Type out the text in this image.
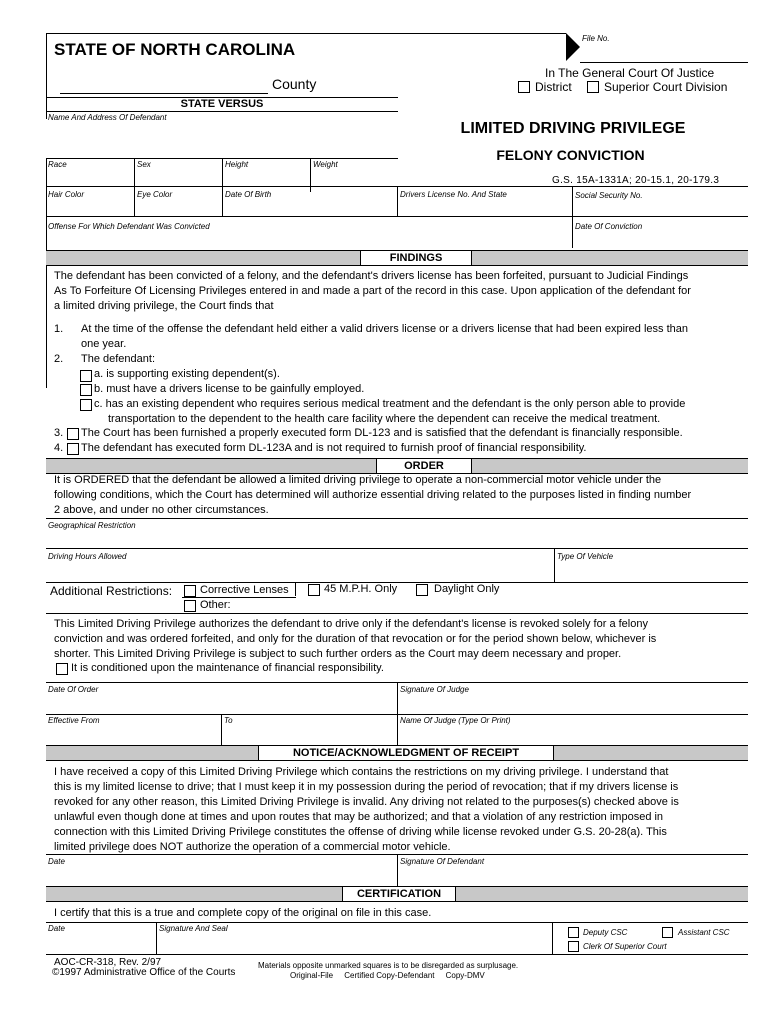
STATE OF NORTH CAROLINA
File No.
County
In The General Court Of Justice
District	Superior Court Division
STATE VERSUS
Name And Address Of Defendant
LIMITED DRIVING PRIVILEGE
FELONY CONVICTION
G.S. 15A-1331A; 20-15.1, 20-179.3
Race	Sex	Height	Weight
Hair Color	Eye Color	Date Of Birth	Drivers License No. And State	Social Security No.
Offense For Which Defendant Was Convicted	Date Of Conviction
FINDINGS
The defendant has been convicted of a felony, and the defendant's drivers license has been forfeited, pursuant to Judicial Findings
As To Forfeiture Of Licensing Privileges entered in and made a part of the record in this case. Upon application of the defendant for
a limited driving privilege, the Court finds that
1. At the time of the offense the defendant held either a valid drivers license or a drivers license that had been expired less than
one year.
2. The defendant:
a. is supporting existing dependent(s).
b. must have a drivers license to be gainfully employed.
c. has an existing dependent who requires serious medical treatment and the defendant is the only person able to provide
transportation to the dependent to the health care facility where the dependent can receive the medical treatment.
3. The Court has been furnished a properly executed form DL-123 and is satisfied that the defendant is financially responsible.
4. The defendant has executed form DL-123A and is not required to furnish proof of financial responsibility.
ORDER
It is ORDERED that the defendant be allowed a limited driving privilege to operate a non-commercial motor vehicle under the
following conditions, which the Court has determined will authorize essential driving related to the purposes listed in finding number
2 above, and under no other circumstances.
Geographical Restriction
Driving Hours Allowed	Type Of Vehicle
Additional Restrictions:	Corrective Lenses	45 M.P.H. Only	Daylight Only
Other:
This Limited Driving Privilege authorizes the defendant to drive only if the defendant's license is revoked solely for a felony
conviction and was ordered forfeited, and only for the duration of that revocation or for the period shown below, whichever is
shorter. This Limited Driving Privilege is subject to such further orders as the Court may deem necessary and proper.
It is conditioned upon the maintenance of financial responsibility.
Date Of Order	Signature Of Judge
Effective From	To	Name Of Judge (Type Or Print)
NOTICE/ACKNOWLEDGMENT OF RECEIPT
I have received a copy of this Limited Driving Privilege which contains the restrictions on my driving privilege. I understand that
this is my limited license to drive; that I must keep it in my possession during the period of revocation; that if my drivers license is
revoked for any other reason, this Limited Driving Privilege is invalid. Any driving not related to the purposes(s) checked above is
unlawful even though done at times and upon routes that may be authorized; and that a violation of any restriction imposed in
connection with this Limited Driving Privilege constitutes the offense of driving while license revoked under G.S. 20-28(a). This
limited privilege does NOT authorize the operation of a commercial motor vehicle.
Date	Signature Of Defendant
CERTIFICATION
I certify that this is a true and complete copy of the original on file in this case.
Date	Signature And Seal	Deputy CSC	Assistant CSC
Clerk Of Superior Court
AOC-CR-318, Rev. 2/97
©1997 Administrative Office of the Courts
Materials opposite unmarked squares is to be disregarded as surplusage.
Original-File     Certified Copy-Defendant     Copy-DMV
